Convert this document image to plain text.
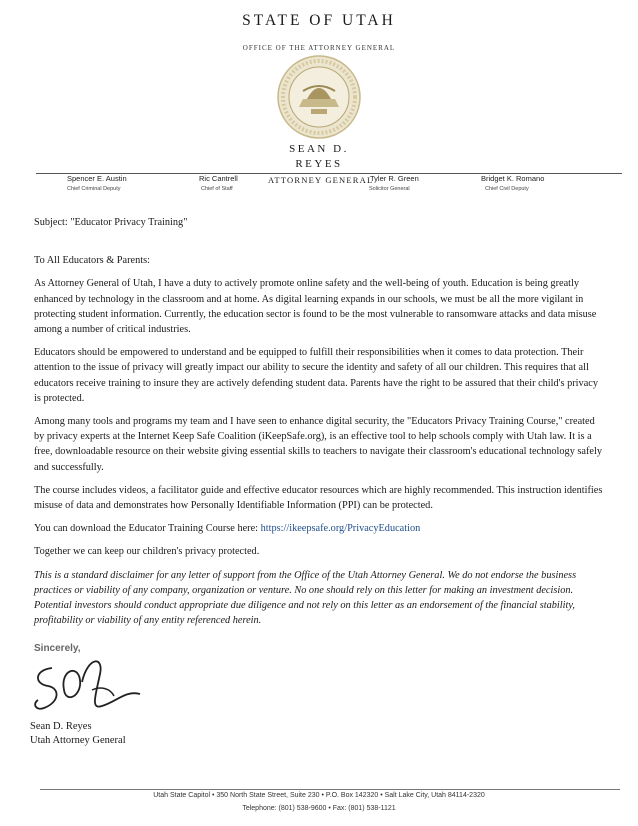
STATE OF UTAH
OFFICE OF THE ATTORNEY GENERAL
SEAN D.
REYES
ATTORNEY GENERAL
Spencer E. Austin
Chief Criminal Deputy
Ric Cantrell
Chief of Staff
Tyler R. Green
Solicitor General
Bridget K. Romano
Chief Civil Deputy

Subject: "Educator Privacy Training"

To All Educators & Parents:

As Attorney General of Utah, I have a duty to actively promote online safety and the well-being of youth. Education is being greatly enhanced by technology in the classroom and at home. As digital learning expands in our schools, we must be all the more vigilant in protecting student information. Currently, the education sector is found to be the most vulnerable to ransomware attacks and data misuse among a number of critical industries.

Educators should be empowered to understand and be equipped to fulfill their responsibilities when it comes to data protection. Their attention to the issue of privacy will greatly impact our ability to secure the identity and safety of all our children. This requires that all educators receive training to insure they are actively defending student data. Parents have the right to be assured that their child's privacy is protected.

Among many tools and programs my team and I have seen to enhance digital security, the "Educators Privacy Training Course," created by privacy experts at the Internet Keep Safe Coalition (iKeepSafe.org), is an effective tool to help schools comply with Utah law. It is a free, downloadable resource on their website giving essential skills to teachers to navigate their classroom's educational technology safely and successfully.

The course includes videos, a facilitator guide and effective educator resources which are highly recommended. This instruction identifies misuse of data and demonstrates how Personally Identifiable Information (PPI) can be protected.

You can download the Educator Training Course here: https://ikeepsafe.org/PrivacyEducation

Together we can keep our children's privacy protected.

This is a standard disclaimer for any letter of support from the Office of the Utah Attorney General. We do not endorse the business practices or viability of any company, organization or venture. No one should rely on this letter for making an investment decision. Potential investors should conduct appropriate due diligence and not rely on this letter as an endorsement of the financial stability, profitability or viability of any entity referenced herein.

Sincerely,
Sean D. Reyes
Utah Attorney General
Utah State Capitol • 350 North State Street, Suite 230 • P.O. Box 142320 • Salt Lake City, Utah 84114-2320
Telephone: (801) 538-9600 • Fax: (801) 538-1121
